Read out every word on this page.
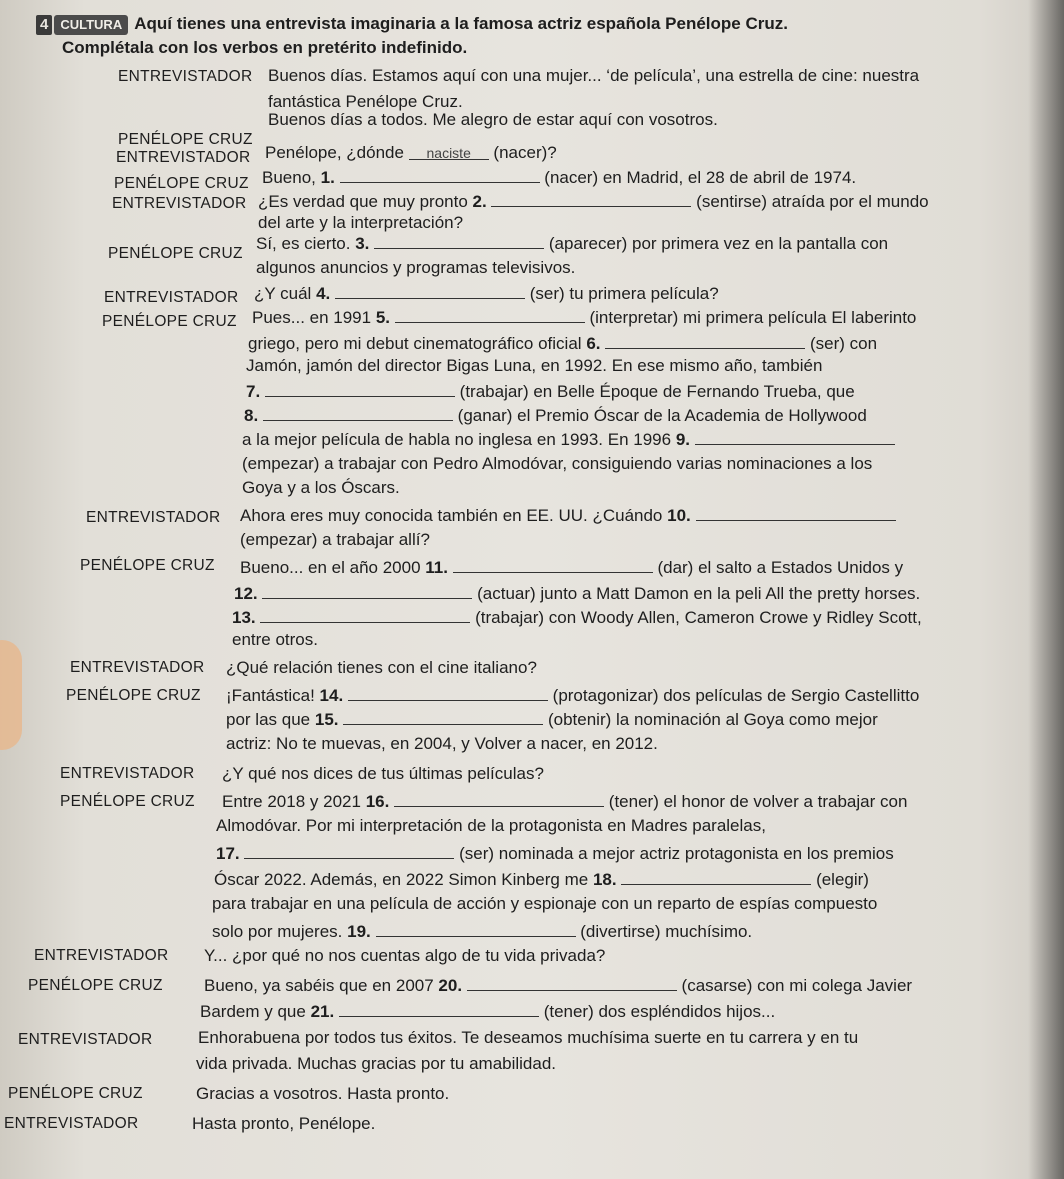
4 CULTURA Aquí tienes una entrevista imaginaria a la famosa actriz española Penélope Cruz.
Complétala con los verbos en pretérito indefinido.
ENTREVISTADOR Buenos días. Estamos aquí con una mujer... ‘de película’, una estrella de cine: nuestra
fantástica Penélope Cruz.
PENÉLOPE CRUZ
Buenos días a todos. Me alegro de estar aquí con vosotros.
ENTREVISTADOR Penélope, ¿dónde naciste (nacer)?
PENÉLOPE CRUZ Bueno, 1.	(nacer) en Madrid, el 28 de abril de 1974.
ENTREVISTADOR ¿Es verdad que muy pronto 2.	(sentirse) atraída por el mundo
del arte y la interpretación?
PENÉLOPE CRUZ
Sí, es cierto. 3.	(aparecer) por primera vez en la pantalla con
algunos anuncios y programas televisivos.
ENTREVISTADOR ¿Y cuál 4.	(ser) tu primera película?
PENÉLOPE CRUZ Pues... en 1991 5.	(interpretar) mi primera película El laberinto
griego, pero mi debut cinematográfico oficial 6.	(ser) con
Jamón, jamón del director Bigas Luna, en 1992. En ese mismo año, también
7.	(trabajar) en Belle Époque de Fernando Trueba, que
8.	(ganar) el Premio Óscar de la Academia de Hollywood
a la mejor película de habla no inglesa en 1993. En 1996 9.
(empezar) a trabajar con Pedro Almodóvar, consiguiendo varias nominaciones a los
Goya y a los Óscars.
ENTREVISTADOR Ahora eres muy conocida también en EE. UU. ¿Cuándo 10.
(empezar) a trabajar allí?
PENÉLOPE CRUZ Bueno... en el año 2000 11.	(dar) el salto a Estados Unidos y
12.	(actuar) junto a Matt Damon en la peli All the pretty horses.
13.	(trabajar) con Woody Allen, Cameron Crowe y Ridley Scott,
entre otros.
ENTREVISTADOR ¿Qué relación tienes con el cine italiano?
PENÉLOPE CRUZ ¡Fantástica! 14.	(protagonizar) dos películas de Sergio Castellitto
por las que 15.	(obtenir) la nominación al Goya como mejor
actriz: No te muevas, en 2004, y Volver a nacer, en 2012.
ENTREVISTADOR ¿Y qué nos dices de tus últimas películas?
PENÉLOPE CRUZ Entre 2018 y 2021 16.	(tener) el honor de volver a trabajar con
Almodóvar. Por mi interpretación de la protagonista en Madres paralelas,
17.	(ser) nominada a mejor actriz protagonista en los premios
Óscar 2022. Además, en 2022 Simon Kinberg me 18.	(elegir)
para trabajar en una película de acción y espionaje con un reparto de espías compuesto
solo por mujeres. 19.	(divertirse) muchísimo.
ENTREVISTADOR Y... ¿por qué no nos cuentas algo de tu vida privada?
PENÉLOPE CRUZ Bueno, ya sabéis que en 2007 20.	(casarse) con mi colega Javier
Bardem y que 21.	(tener) dos espléndidos hijos...
ENTREVISTADOR	Enhorabuena por todos tus éxitos. Te deseamos muchísima suerte en tu carrera y en tu
vida privada. Muchas gracias por tu amabilidad.
PENÉLOPE CRUZ	Gracias a vosotros. Hasta pronto.
ENTREVISTADOR	Hasta pronto, Penélope.
